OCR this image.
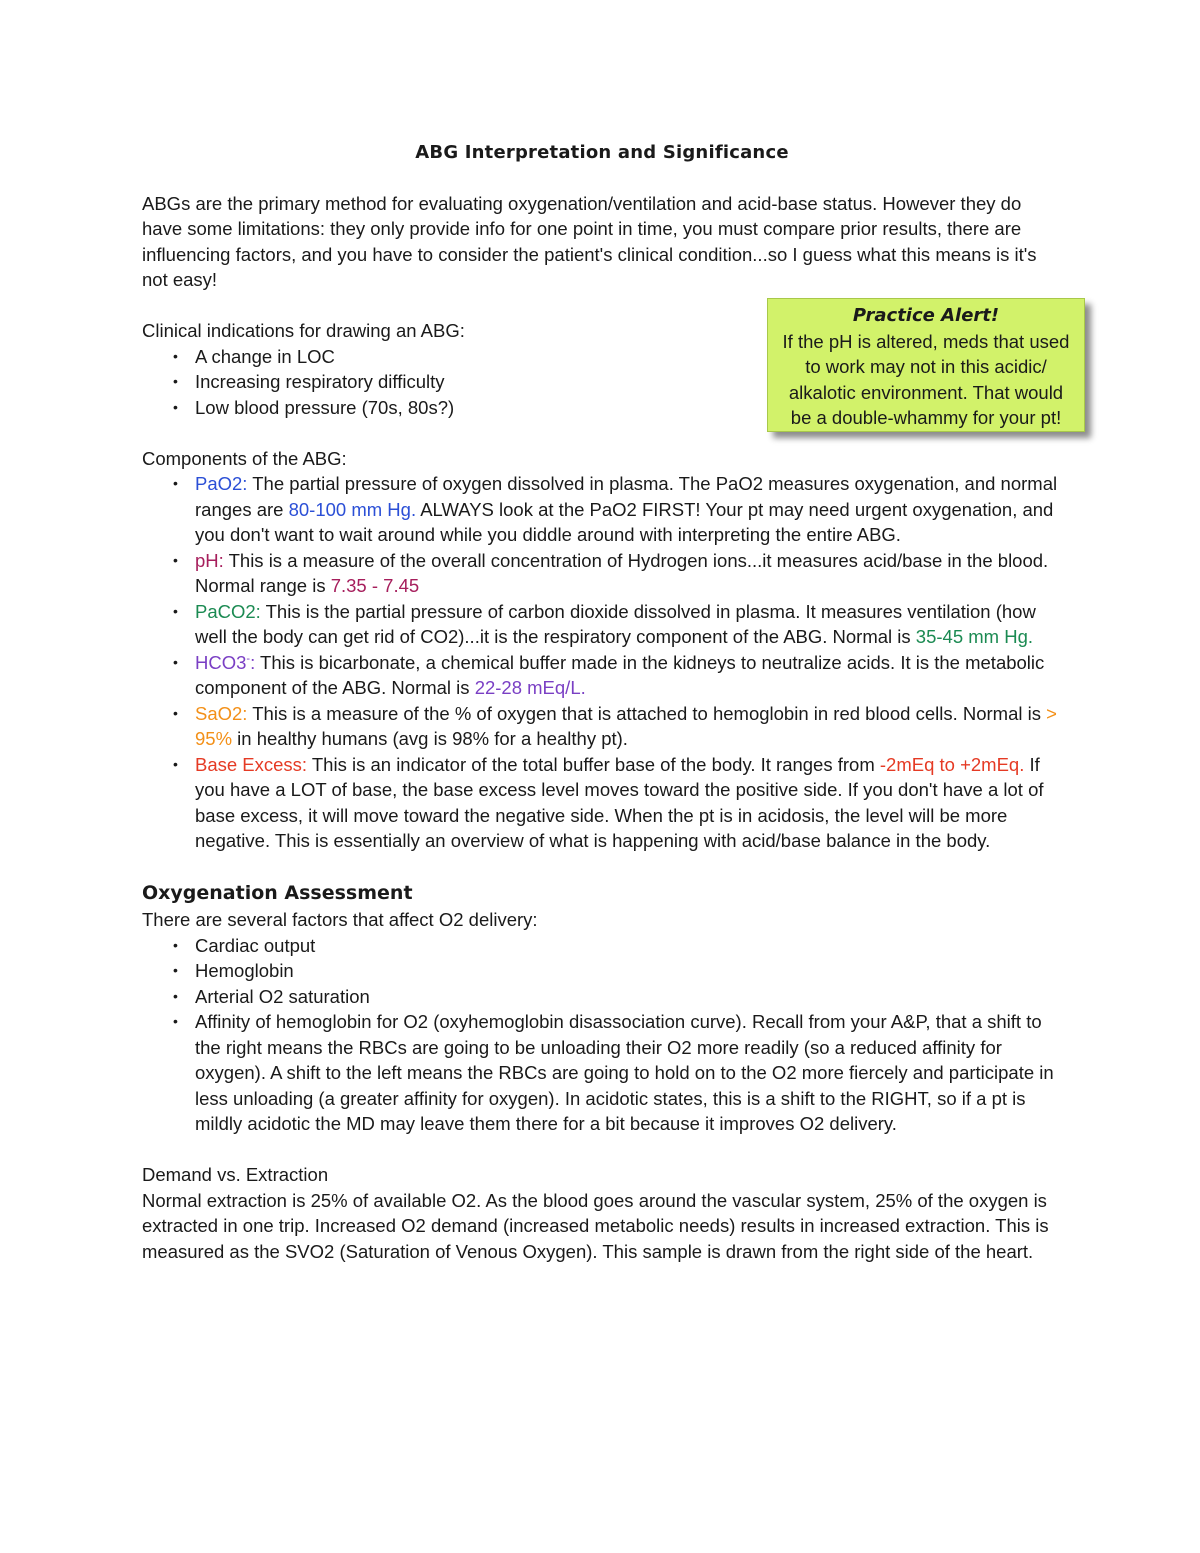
ABG Interpretation and Significance

ABGs are the primary method for evaluating oxygenation/ventilation and acid-base status. However they do have some limitations: they only provide info for one point in time, you must compare prior results, there are influencing factors, and you have to consider the patient's clinical condition...so I guess what this means is it's not easy!

Clinical indications for drawing an ABG:

• A change in LOC
• Increasing respiratory difficulty
• Low blood pressure (70s, 80s?)

Components of the ABG:

• PaO2: The partial pressure of oxygen dissolved in plasma. The PaO2 measures oxygenation, and normal ranges are 80-100 mm Hg. ALWAYS look at the PaO2 FIRST! Your pt may need urgent oxygenation, and you don't want to wait around while you diddle around with interpreting the entire ABG.
• pH: This is a measure of the overall concentration of Hydrogen ions...it measures acid/base in the blood. Normal range is 7.35 - 7.45
• PaCO2: This is the partial pressure of carbon dioxide dissolved in plasma. It measures ventilation (how well the body can get rid of CO2)...it is the respiratory component of the ABG. Normal is 35-45 mm Hg.
• HCO3-: This is bicarbonate, a chemical buffer made in the kidneys to neutralize acids. It is the metabolic component of the ABG. Normal is 22-28 mEq/L.
• SaO2: This is a measure of the % of oxygen that is attached to hemoglobin in red blood cells. Normal is > 95% in healthy humans (avg is 98% for a healthy pt).
• Base Excess: This is an indicator of the total buffer base of the body. It ranges from -2mEq to +2mEq. If you have a LOT of base, the base excess level moves toward the positive side. If you don't have a lot of base excess, it will move toward the negative side. When the pt is in acidosis, the level will be more negative. This is essentially an overview of what is happening with acid/base balance in the body.
Oxygenation Assessment

There are several factors that affect O2 delivery:

• Cardiac output
• Hemoglobin
• Arterial O2 saturation
• Affinity of hemoglobin for O2 (oxyhemoglobin disassociation curve). Recall from your A&P, that a shift to the right means the RBCs are going to be unloading their O2 more readily (so a reduced affinity for oxygen). A shift to the left means the RBCs are going to hold on to the O2 more fiercely and participate in less unloading (a greater affinity for oxygen). In acidotic states, this is a shift to the RIGHT, so if a pt is mildly acidotic the MD may leave them there for a bit because it improves O2 delivery.

Demand vs. Extraction

Normal extraction is 25% of available O2. As the blood goes around the vascular system, 25% of the oxygen is extracted in one trip. Increased O2 demand (increased metabolic needs) results in increased extraction. This is measured as the SVO2 (Saturation of Venous Oxygen). This sample is drawn from the right side of the heart.

Practice Alert!
If the pH is altered, meds that used
to work may not in this acidic/
alkalotic environment. That would
be a double-whammy for your pt!
